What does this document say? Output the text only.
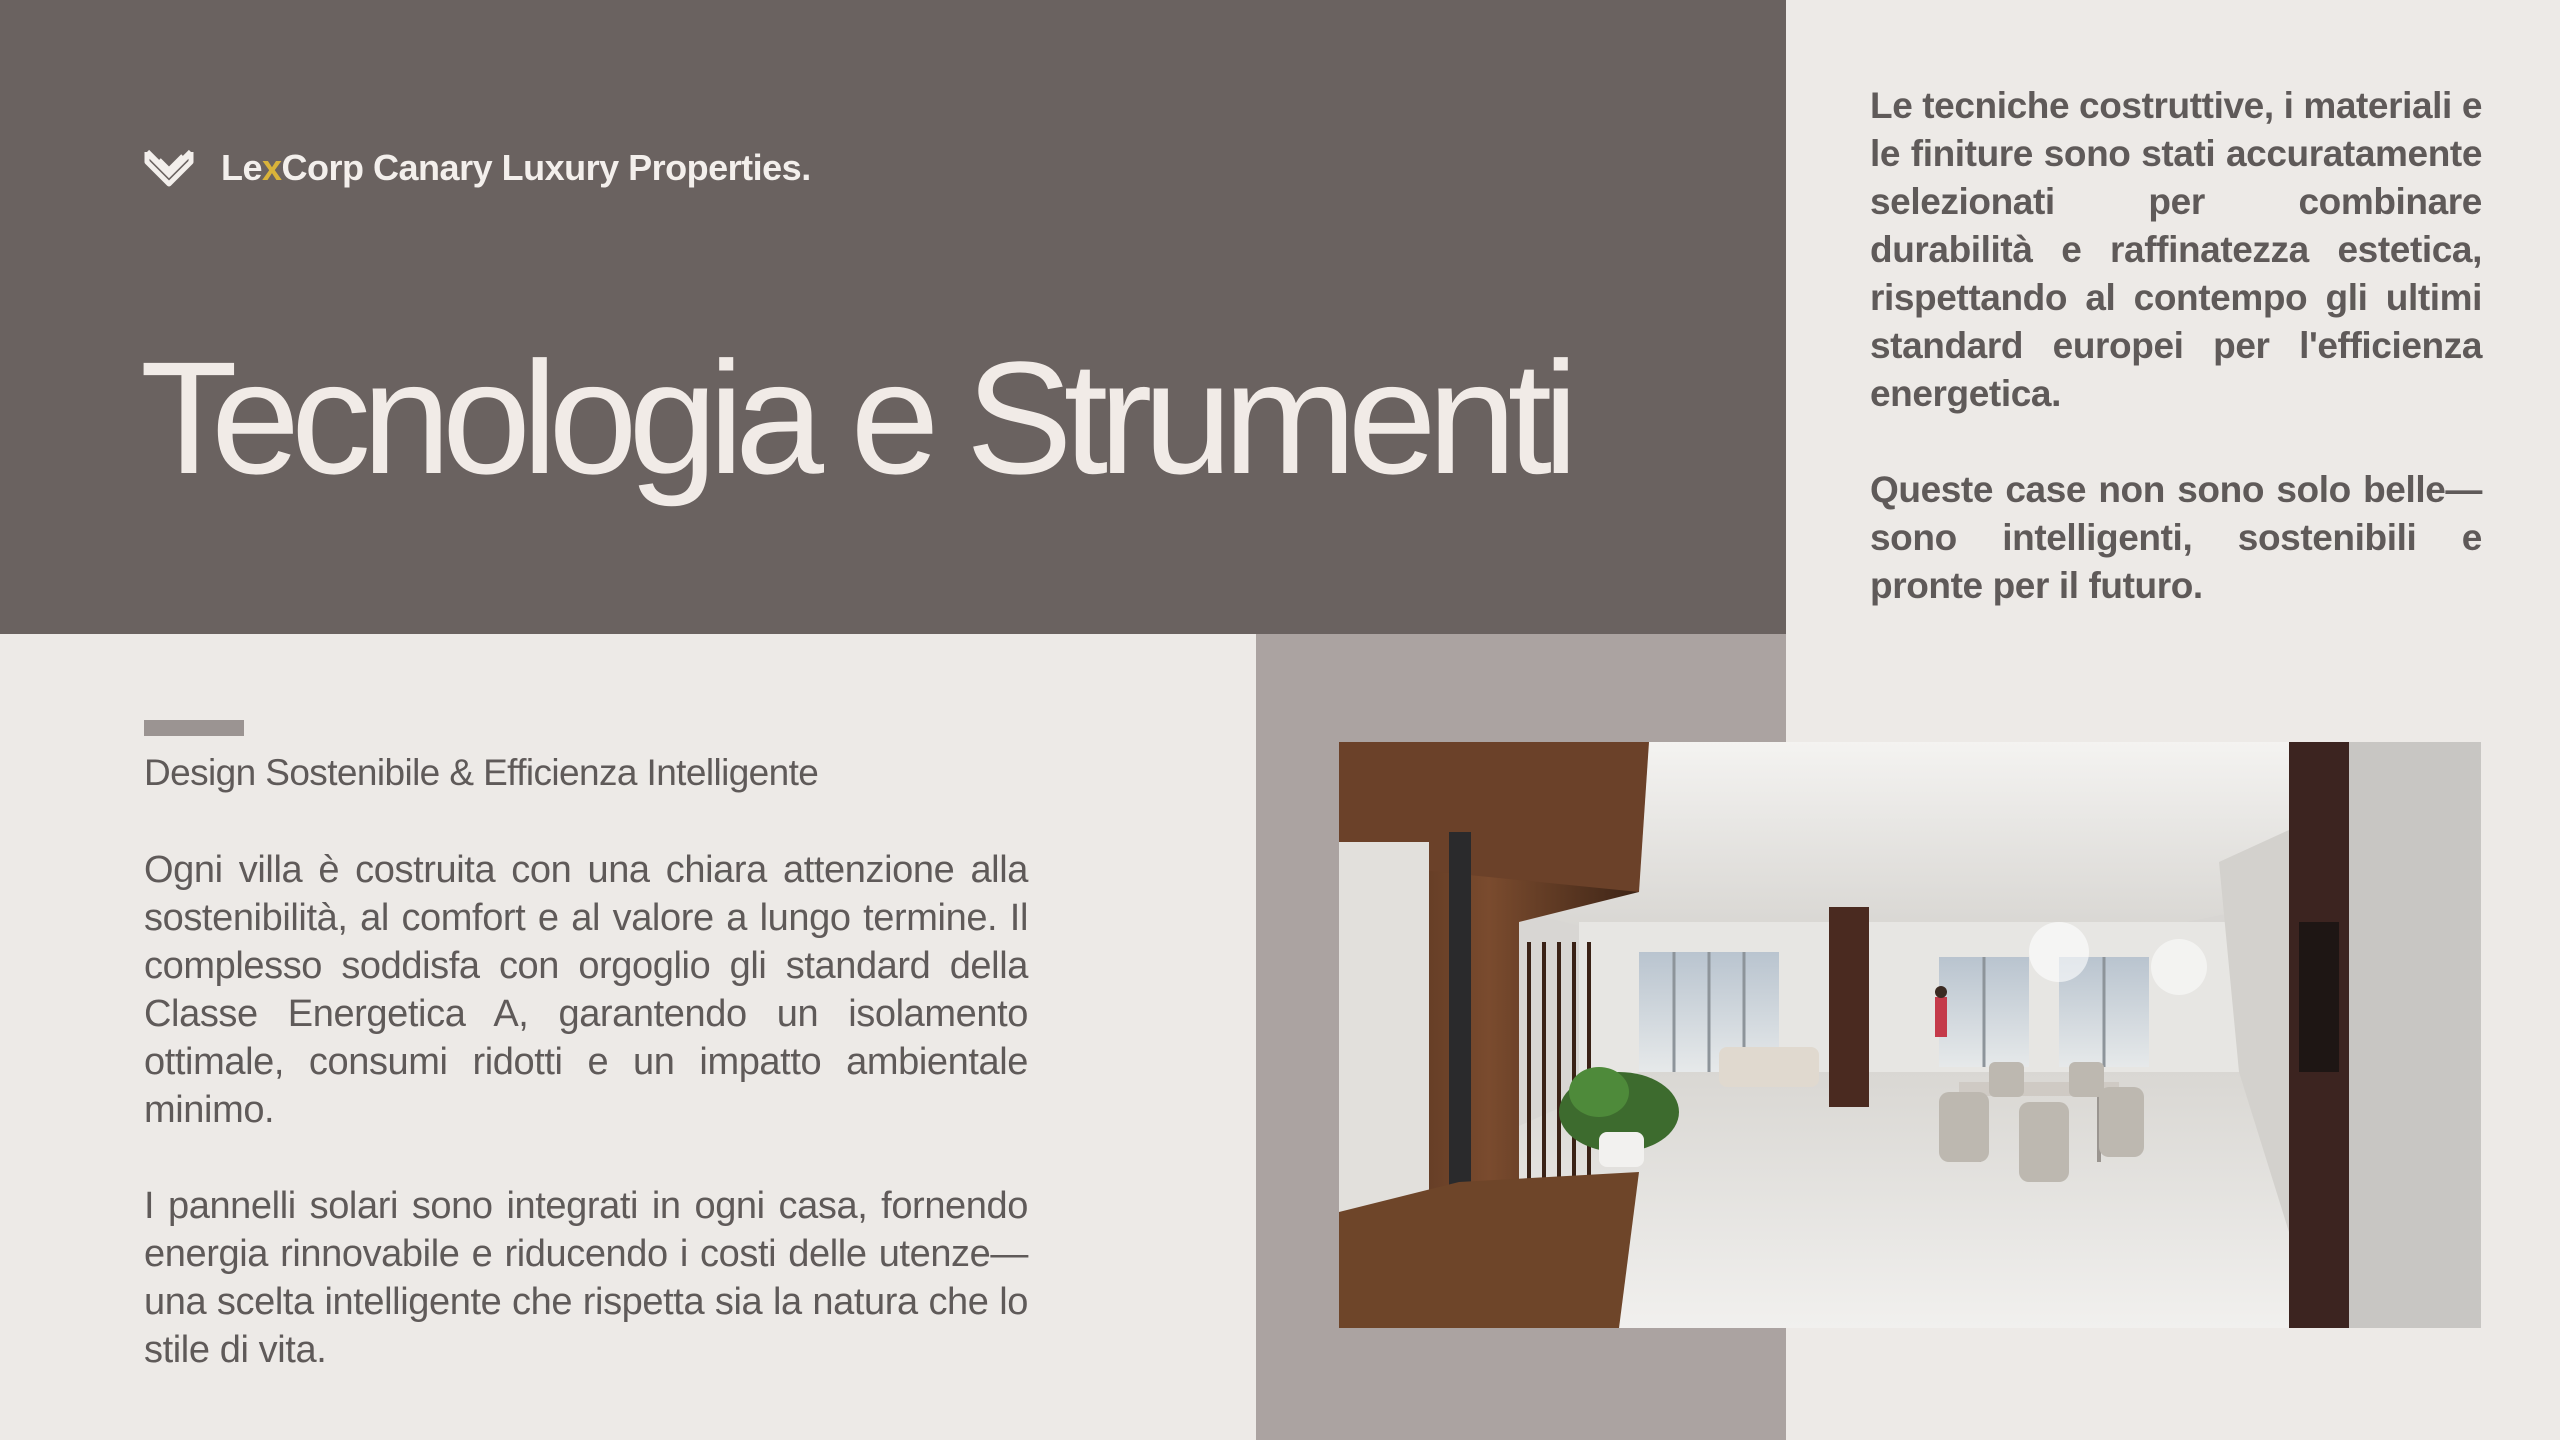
LexCorp Canary Luxury Properties.
Tecnologia e Strumenti
Design Sostenibile & Efficienza Intelligente

Ogni villa è costruita con una chiara attenzione alla sostenibilità, al comfort e al valore a lungo termine. Il complesso soddisfa con orgoglio gli standard della Classe Energetica A, garantendo un isolamento ottimale, consumi ridotti e un impatto ambientale minimo.

I pannelli solari sono integrati in ogni casa, fornendo energia rinnovabile e riducendo i costi delle utenze—una scelta intelligente che rispetta sia la natura che lo stile di vita.

Le tecniche costruttive, i materiali e le finiture sono stati accuratamente selezionati per combinare durabilità e raffinatezza estetica, rispettando al contempo gli ultimi standard europei per l'efficienza energetica.

Queste case non sono solo belle—sono intelligenti, sostenibili e pronte per il futuro.
